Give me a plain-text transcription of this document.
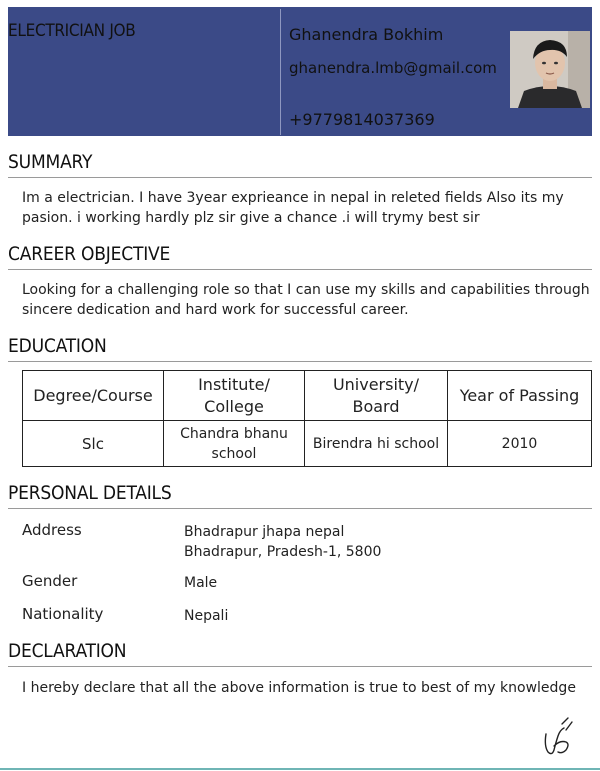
ELECTRICIAN JOB	Ghanendra Bokhim
ghanendra.lmb@gmail.com
+9779814037369
SUMMARY
Im a electrician. I have 3year exprieance in nepal in releted fields Also its my pasion. i working hardly plz sir give a chance .i will trymy best sir
CAREER OBJECTIVE
Looking for a challenging role so that I can use my skills and capabilities through sincere dedication and hard work for successful career.
EDUCATION
Degree/Course	Institute/ College	University/ Board	Year of Passing
Slc	Chandra bhanu school	Birendra hi school	2010
PERSONAL DETAILS
Address	Bhadrapur jhapa nepal
Bhadrapur, Pradesh-1, 5800
Gender	Male
Nationality	Nepali
DECLARATION
I hereby declare that all the above information is true to best of my knowledge
